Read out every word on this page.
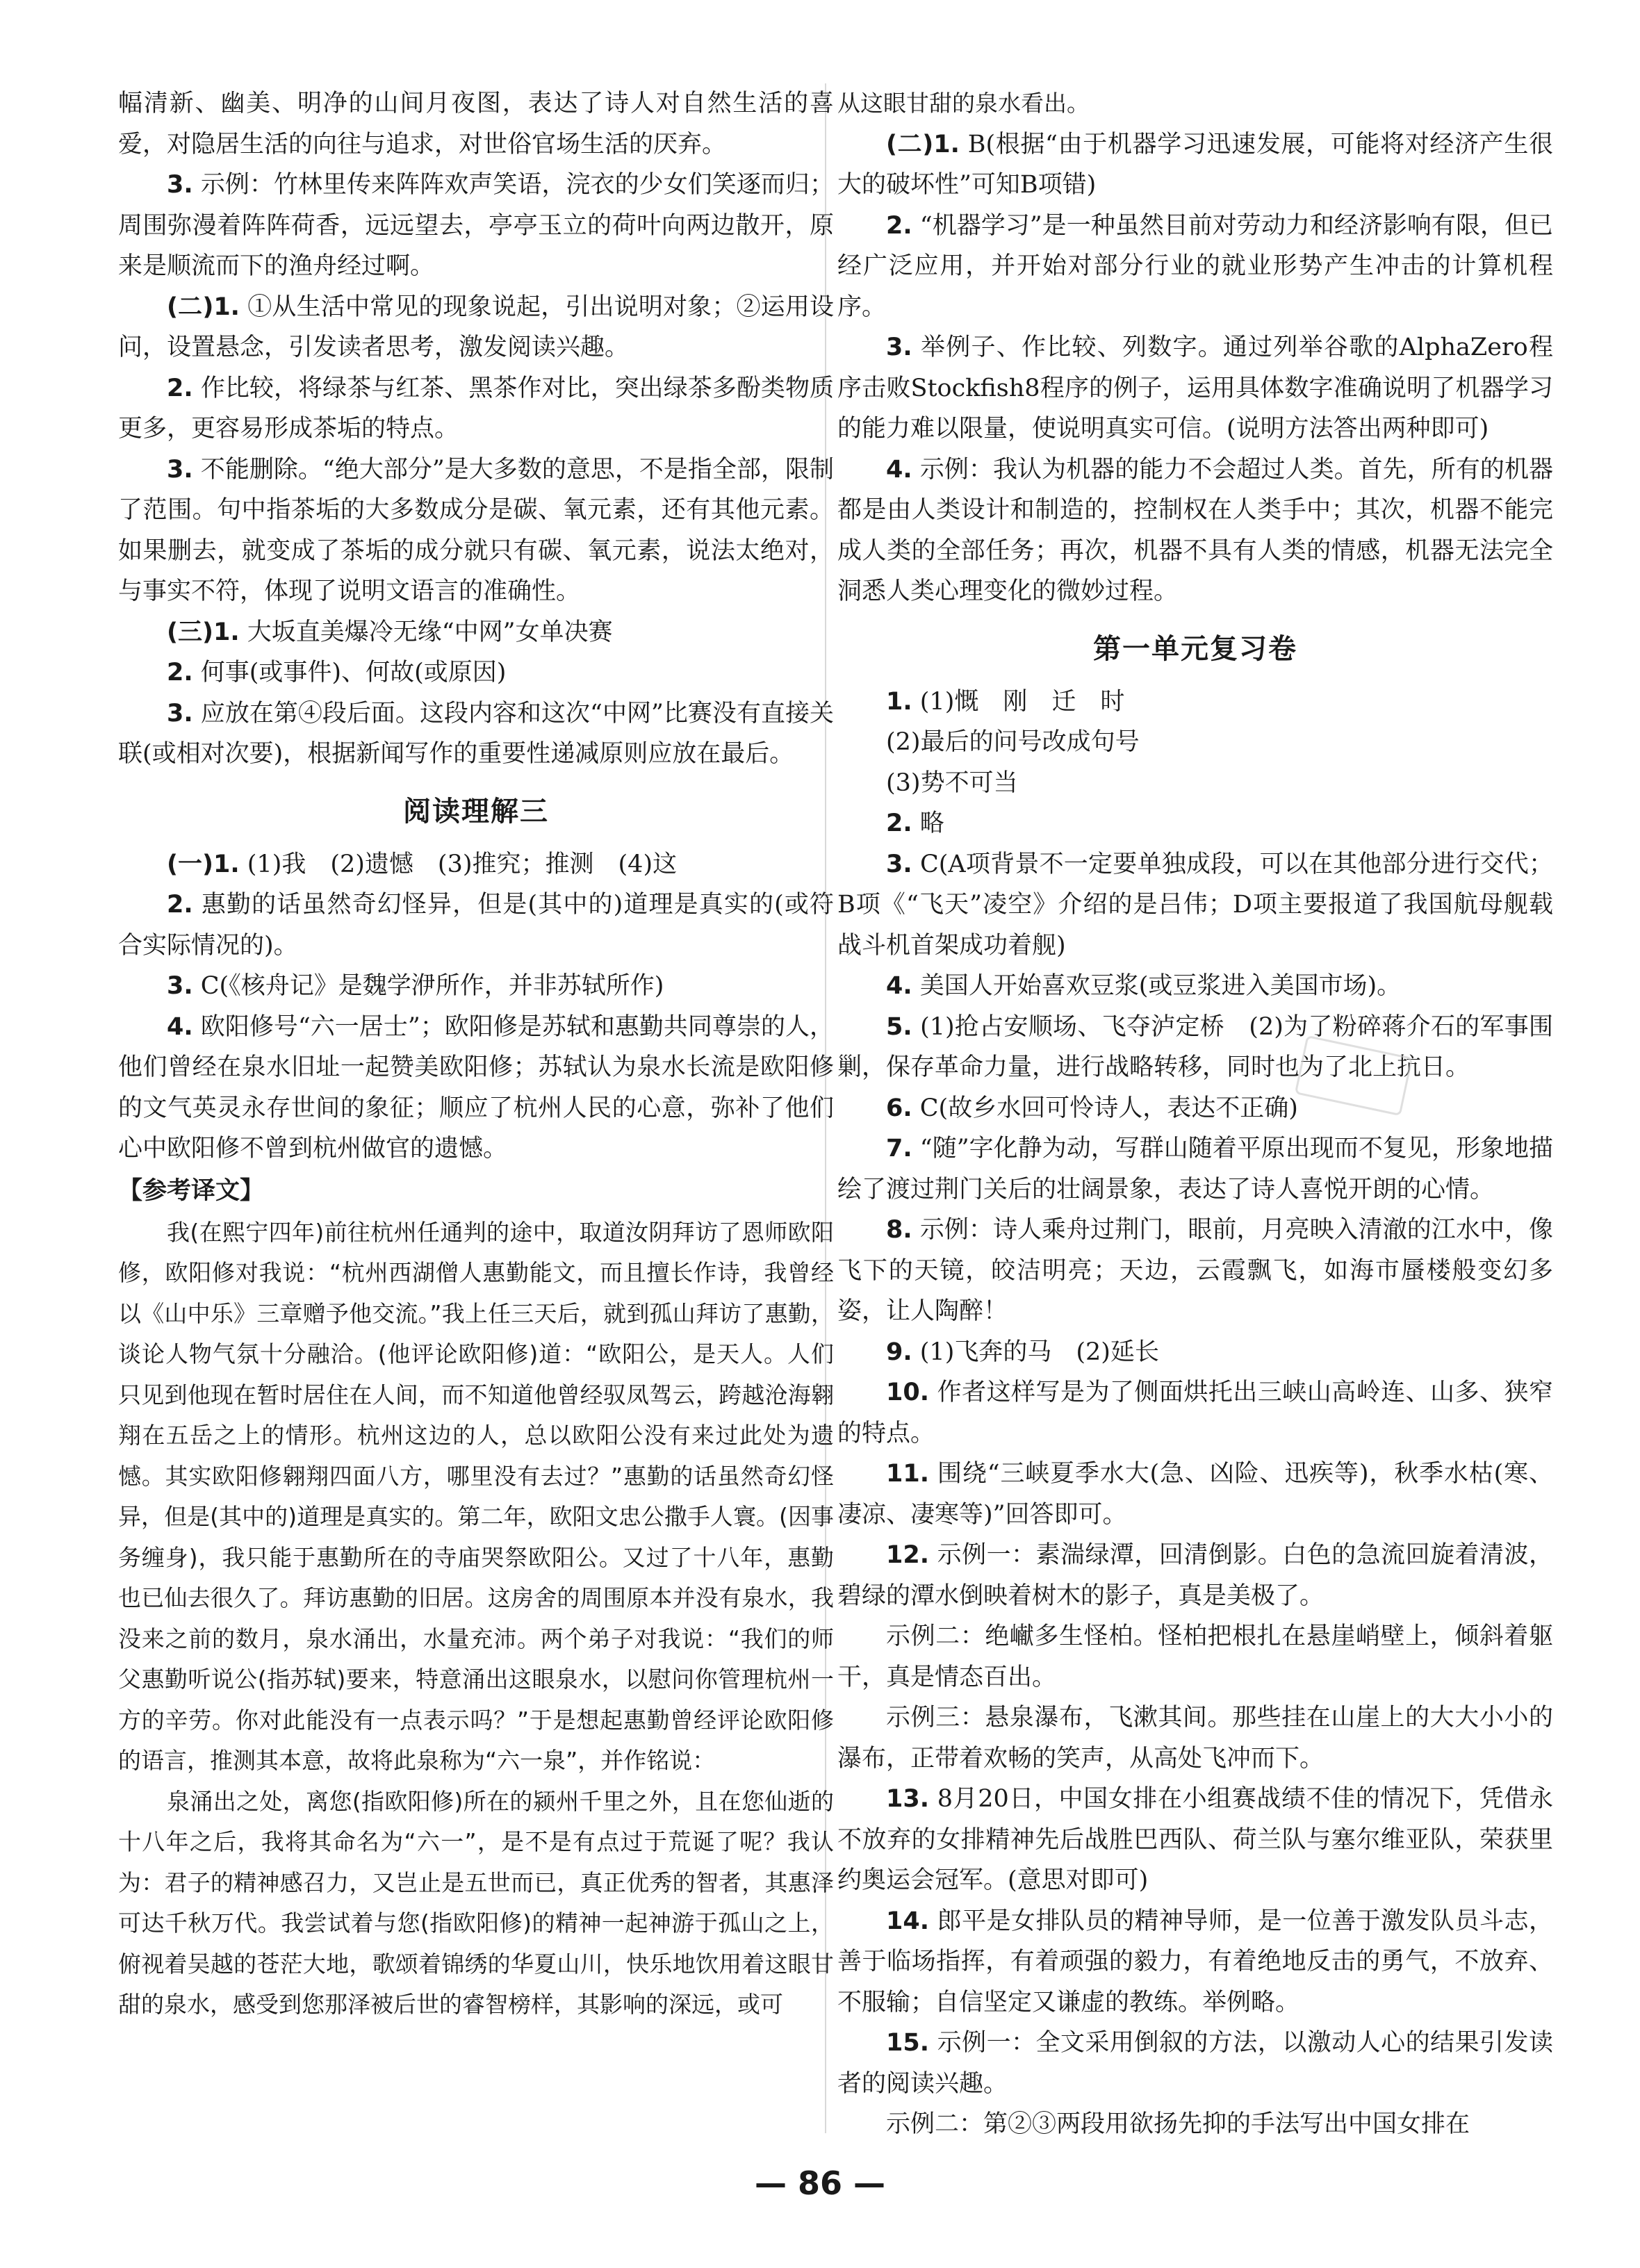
幅清新、幽美、明净的山间月夜图，表达了诗人对自然生活的喜爱，对隐居生活的向往与追求，对世俗官场生活的厌弃。

3. 示例：竹林里传来阵阵欢声笑语，浣衣的少女们笑逐而归；周围弥漫着阵阵荷香，远远望去，亭亭玉立的荷叶向两边散开，原来是顺流而下的渔舟经过啊。

(二)1. ①从生活中常见的现象说起，引出说明对象；②运用设问，设置悬念，引发读者思考，激发阅读兴趣。

2. 作比较，将绿茶与红茶、黑茶作对比，突出绿茶多酚类物质更多，更容易形成茶垢的特点。

3. 不能删除。“绝大部分”是大多数的意思，不是指全部，限制了范围。句中指茶垢的大多数成分是碳、氧元素，还有其他元素。如果删去，就变成了茶垢的成分就只有碳、氧元素，说法太绝对，与事实不符，体现了说明文语言的准确性。

(三)1. 大坂直美爆冷无缘“中网”女单决赛

2. 何事(或事件)、何故(或原因)

3. 应放在第④段后面。这段内容和这次“中网”比赛没有直接关联(或相对次要)，根据新闻写作的重要性递减原则应放在最后。

阅读理解三

(一)1. (1)我　(2)遗憾　(3)推究；推测　(4)这

2. 惠勤的话虽然奇幻怪异，但是(其中的)道理是真实的(或符合实际情况的)。

3. C(《核舟记》是魏学洢所作，并非苏轼所作)

4. 欧阳修号“六一居士”；欧阳修是苏轼和惠勤共同尊崇的人，他们曾经在泉水旧址一起赞美欧阳修；苏轼认为泉水长流是欧阳修的文气英灵永存世间的象征；顺应了杭州人民的心意，弥补了他们心中欧阳修不曾到杭州做官的遗憾。

【参考译文】

我(在熙宁四年)前往杭州任通判的途中，取道汝阴拜访了恩师欧阳修，欧阳修对我说：“杭州西湖僧人惠勤能文，而且擅长作诗，我曾经以《山中乐》三章赠予他交流。”我上任三天后，就到孤山拜访了惠勤，谈论人物气氛十分融洽。(他评论欧阳修)道：“欧阳公，是天人。人们只见到他现在暂时居住在人间，而不知道他曾经驭凤驾云，跨越沧海翱翔在五岳之上的情形。杭州这边的人，总以欧阳公没有来过此处为遗憾。其实欧阳修翱翔四面八方，哪里没有去过？”惠勤的话虽然奇幻怪异，但是(其中的)道理是真实的。第二年，欧阳文忠公撒手人寰。(因事务缠身)，我只能于惠勤所在的寺庙哭祭欧阳公。又过了十八年，惠勤也已仙去很久了。拜访惠勤的旧居。这房舍的周围原本并没有泉水，我没来之前的数月，泉水涌出，水量充沛。两个弟子对我说：“我们的师父惠勤听说公(指苏轼)要来，特意涌出这眼泉水，以慰问你管理杭州一方的辛劳。你对此能没有一点表示吗？”于是想起惠勤曾经评论欧阳修的语言，推测其本意，故将此泉称为“六一泉”，并作铭说：

泉涌出之处，离您(指欧阳修)所在的颍州千里之外，且在您仙逝的十八年之后，我将其命名为“六一”，是不是有点过于荒诞了呢？我认为：君子的精神感召力，又岂止是五世而已，真正优秀的智者，其惠泽可达千秋万代。我尝试着与您(指欧阳修)的精神一起神游于孤山之上，俯视着吴越的苍茫大地，歌颂着锦绣的华夏山川，快乐地饮用着这眼甘甜的泉水，感受到您那泽被后世的睿智榜样，其影响的深远，或可

从这眼甘甜的泉水看出。

(二)1. B(根据“由于机器学习迅速发展，可能将对经济产生很大的破坏性”可知B项错)

2. “机器学习”是一种虽然目前对劳动力和经济影响有限，但已经广泛应用，并开始对部分行业的就业形势产生冲击的计算机程序。

3. 举例子、作比较、列数字。通过列举谷歌的AlphaZero程序击败Stockfish8程序的例子，运用具体数字准确说明了机器学习的能力难以限量，使说明真实可信。(说明方法答出两种即可)

4. 示例：我认为机器的能力不会超过人类。首先，所有的机器都是由人类设计和制造的，控制权在人类手中；其次，机器不能完成人类的全部任务；再次，机器不具有人类的情感，机器无法完全洞悉人类心理变化的微妙过程。

第一单元复习卷

1. (1)慨　刚　迁　时

(2)最后的问号改成句号

(3)势不可当

2. 略

3. C(A项背景不一定要单独成段，可以在其他部分进行交代；B项《“飞天”凌空》介绍的是吕伟；D项主要报道了我国航母舰载战斗机首架成功着舰)

4. 美国人开始喜欢豆浆(或豆浆进入美国市场)。

5. (1)抢占安顺场、飞夺泸定桥　(2)为了粉碎蒋介石的军事围剿，保存革命力量，进行战略转移，同时也为了北上抗日。

6. C(故乡水回可怜诗人，表达不正确)

7. “随”字化静为动，写群山随着平原出现而不复见，形象地描绘了渡过荆门关后的壮阔景象，表达了诗人喜悦开朗的心情。

8. 示例：诗人乘舟过荆门，眼前，月亮映入清澈的江水中，像飞下的天镜，皎洁明亮；天边，云霞飘飞，如海市蜃楼般变幻多姿，让人陶醉！

9. (1)飞奔的马　(2)延长

10. 作者这样写是为了侧面烘托出三峡山高岭连、山多、狭窄的特点。

11. 围绕“三峡夏季水大(急、凶险、迅疾等)，秋季水枯(寒、凄凉、凄寒等)”回答即可。

12. 示例一：素湍绿潭，回清倒影。白色的急流回旋着清波，碧绿的潭水倒映着树木的影子，真是美极了。

示例二：绝𪩘多生怪柏。怪柏把根扎在悬崖峭壁上，倾斜着躯干，真是情态百出。

示例三：悬泉瀑布，飞漱其间。那些挂在山崖上的大大小小的瀑布，正带着欢畅的笑声，从高处飞冲而下。

13. 8月20日，中国女排在小组赛战绩不佳的情况下，凭借永不放弃的女排精神先后战胜巴西队、荷兰队与塞尔维亚队，荣获里约奥运会冠军。(意思对即可)

14. 郎平是女排队员的精神导师，是一位善于激发队员斗志，善于临场指挥，有着顽强的毅力，有着绝地反击的勇气，不放弃、不服输；自信坚定又谦虚的教练。举例略。

15. 示例一：全文采用倒叙的方法，以激动人心的结果引发读者的阅读兴趣。

示例二：第②③两段用欲扬先抑的手法写出中国女排在

— 86 —
